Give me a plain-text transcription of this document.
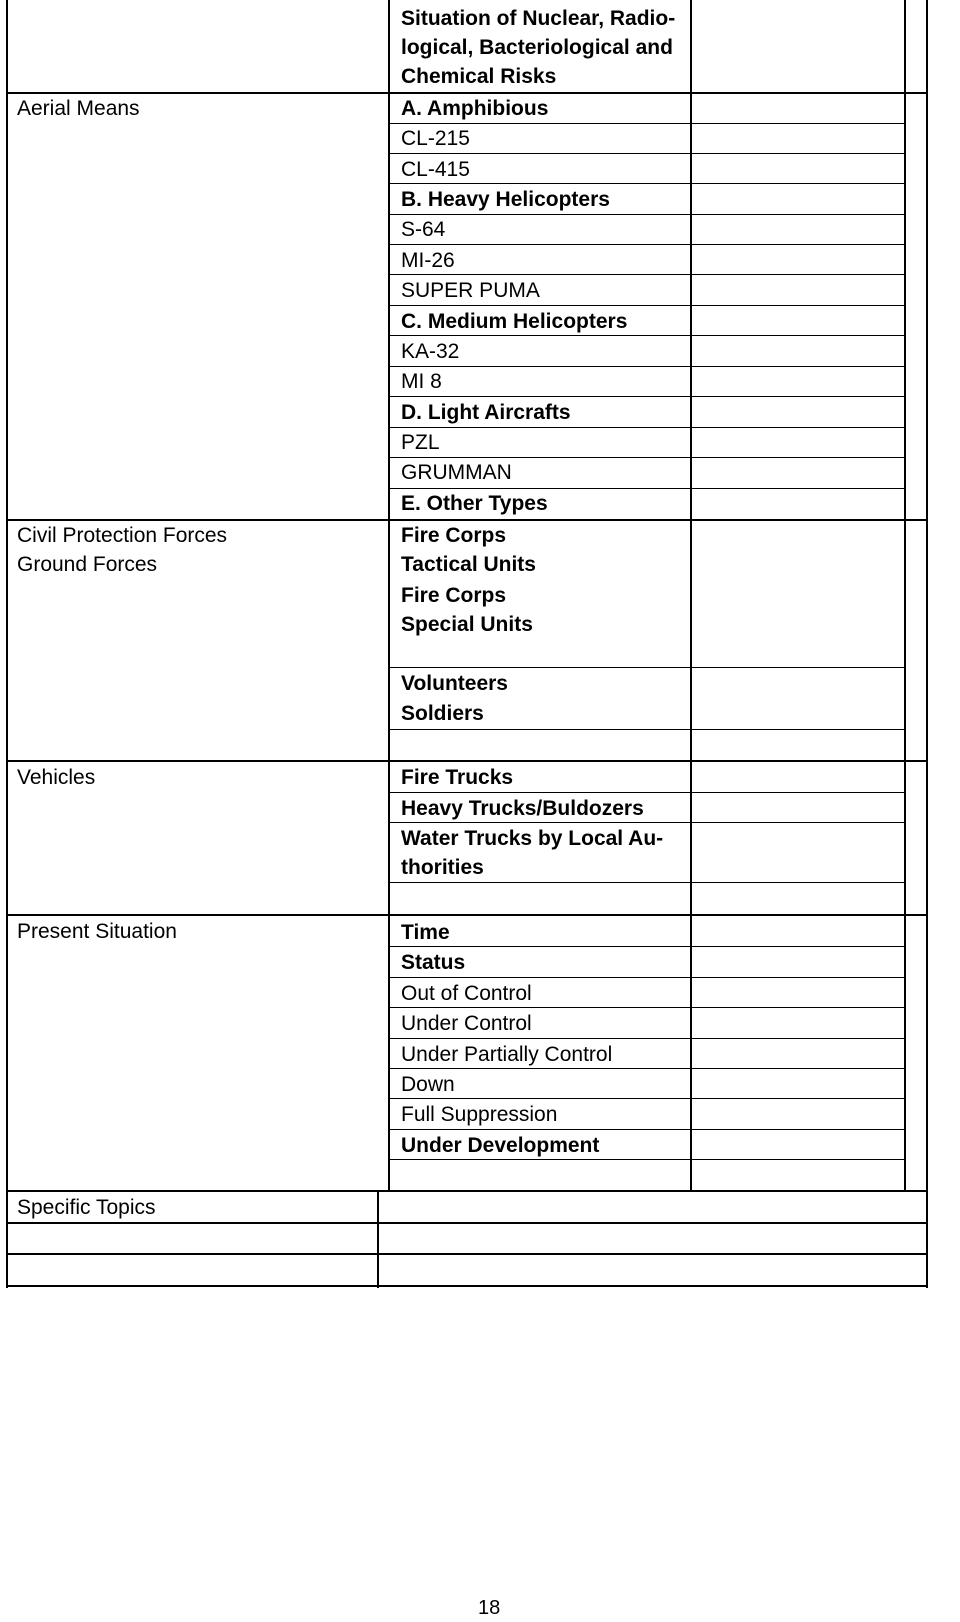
Aerial Means
Civil Protection Forces
Ground Forces
Vehicles
Present Situation
Specific Topics
Situation of Nuclear, Radio-
logical, Bacteriological and
Chemical Risks
A. Amphibious
CL-215
CL-415
B. Heavy Helicopters
S-64
MI-26
SUPER PUMA
C. Medium Helicopters
KA-32
MI 8
D. Light Aircrafts
PZL
GRUMMAN
E. Other Types
Fire Corps
Tactical Units
Fire Corps
Special Units
Volunteers
Soldiers
Fire Trucks
Heavy Trucks/Buldozers
Water Trucks by Local Au-
thorities
Time
Status
Out of Control
Under Control
Under Partially Control
Down
Full Suppression
Under Development
18
